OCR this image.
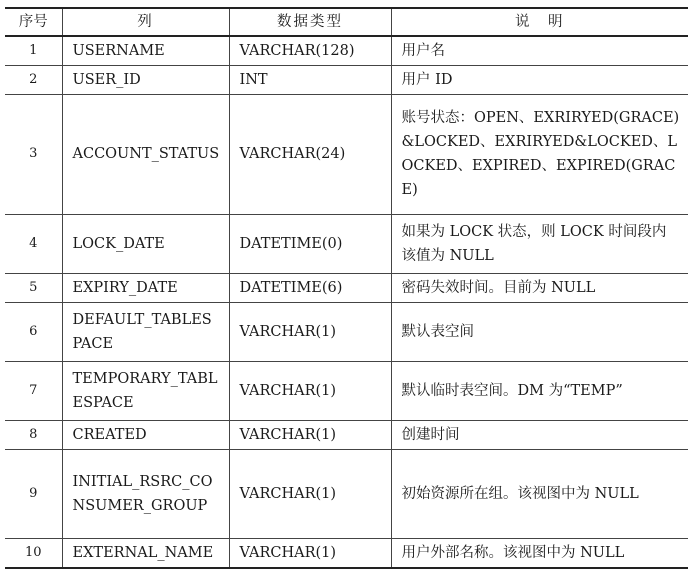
序号	列	数据类型	说　明
1	USERNAME	VARCHAR(128)	用户名
2	USER_ID	INT	用户 ID
3	ACCOUNT_STATUS	VARCHAR(24)	账号状态：OPEN、EXRIRYED(GRACE)&LOCKED、EXRIRYED&LOCKED、LOCKED、EXPIRED、EXPIRED(GRACE)
4	LOCK_DATE	DATETIME(0)	如果为 LOCK 状态，则 LOCK 时间段内该值为 NULL
5	EXPIRY_DATE	DATETIME(6)	密码失效时间。目前为 NULL
6	DEFAULT_TABLESPACE	VARCHAR(1)	默认表空间
7	TEMPORARY_TABLESPACE	VARCHAR(1)	默认临时表空间。DM 为“TEMP”
8	CREATED	VARCHAR(1)	创建时间
9	INITIAL_RSRC_CONSUMER_GROUP	VARCHAR(1)	初始资源所在组。该视图中为 NULL
10	EXTERNAL_NAME	VARCHAR(1)	用户外部名称。该视图中为 NULL
